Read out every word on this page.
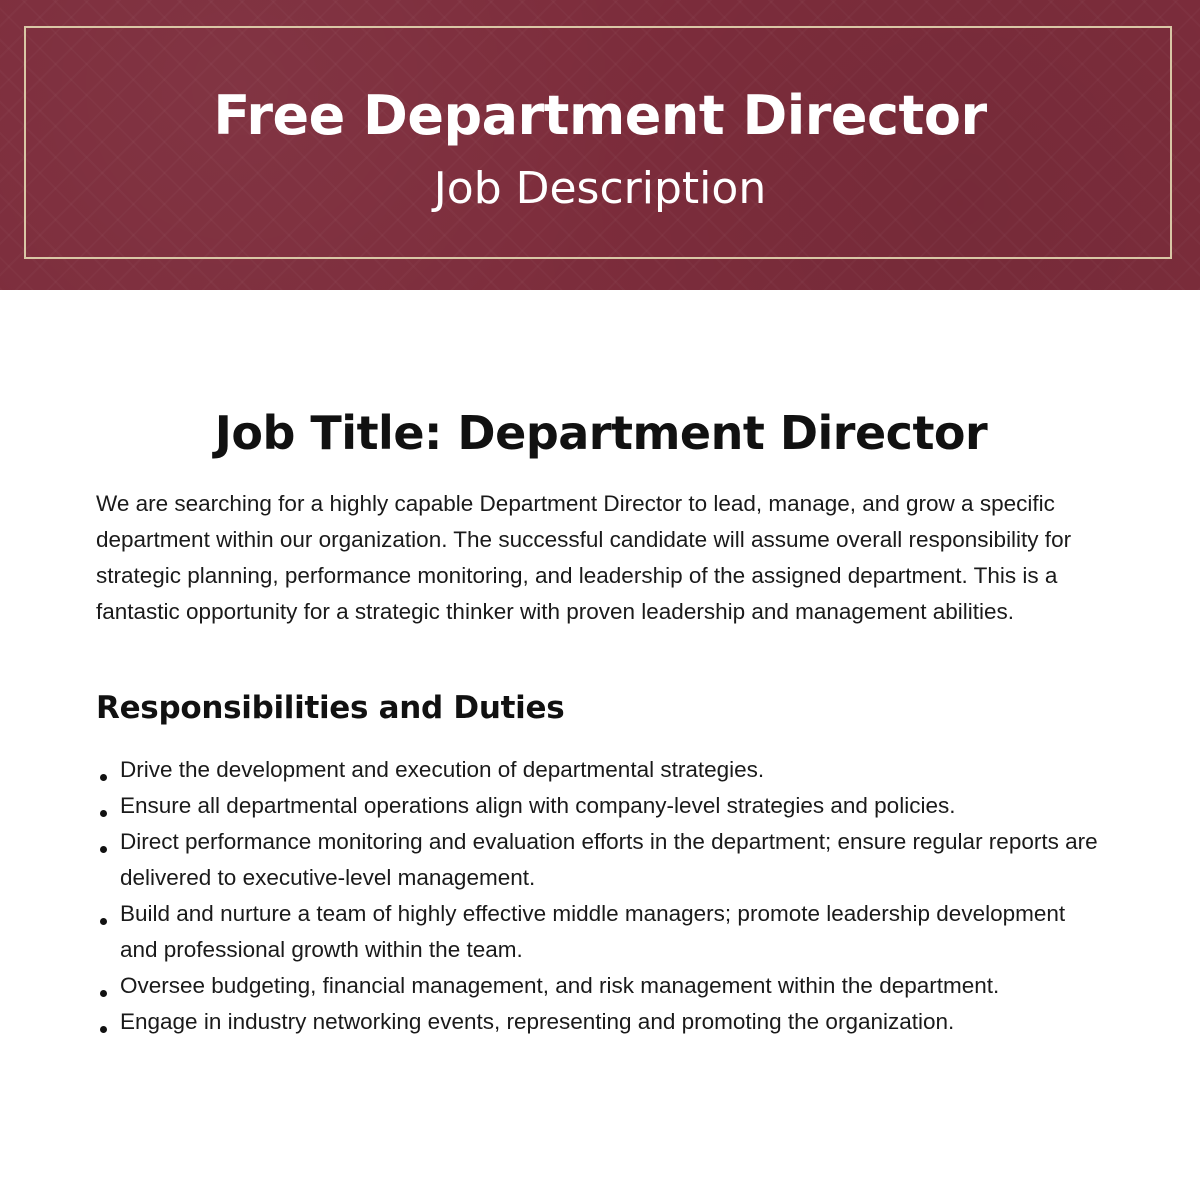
Free Department Director
Job Description
Job Title: Department Director

We are searching for a highly capable Department Director to lead, manage, and grow a specific department within our organization. The successful candidate will assume overall responsibility for strategic planning, performance monitoring, and leadership of the assigned department. This is a fantastic opportunity for a strategic thinker with proven leadership and management abilities.

Responsibilities and Duties
Drive the development and execution of departmental strategies.
Ensure all departmental operations align with company-level strategies and policies.
Direct performance monitoring and evaluation efforts in the department; ensure regular reports are delivered to executive-level management.
Build and nurture a team of highly effective middle managers; promote leadership development and professional growth within the team.
Oversee budgeting, financial management, and risk management within the department.
Engage in industry networking events, representing and promoting the organization.
